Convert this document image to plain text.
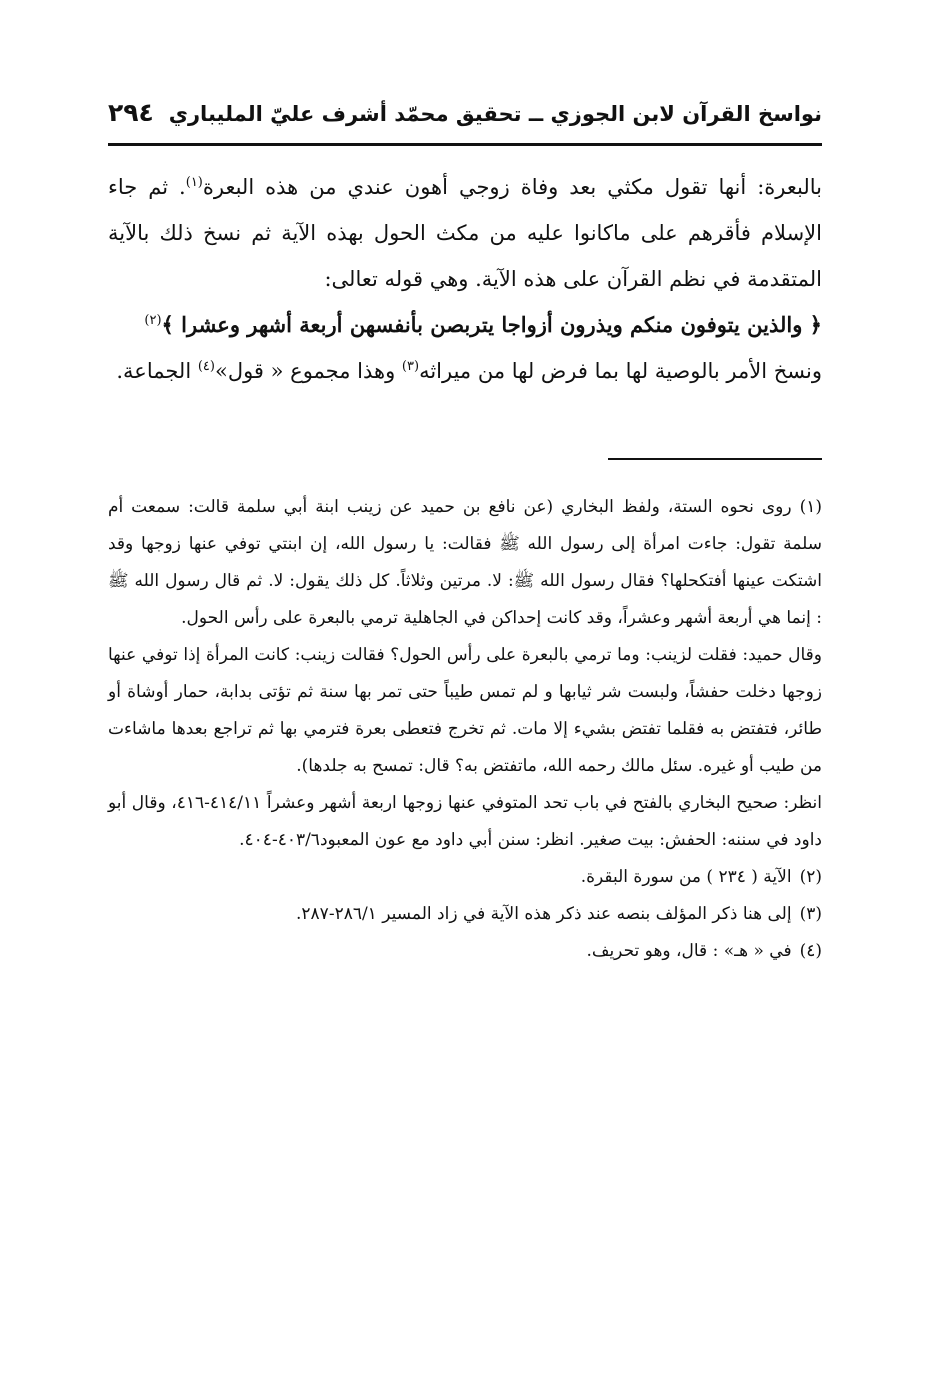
نواسخ القرآن لابن الجوزي ــ تحقيق محمّد أشرف عليّ المليباري
٢٩٤

بالبعرة: أنها تقول مكثي بعد وفاة زوجي أهون عندي من هذه البعرة$^{(١)}$. ثم جاء الإسلام فأقرهم على ماكانوا عليه من مكث الحول بهذه الآية ثم نسخ ذلك بالآية المتقدمة في نظم القرآن على هذه الآية. وهي قوله تعالى:

﴿ والذين يتوفون منكم ويذرون أزواجا يتربصن بأنفسهن أربعة أشهر وعشرا ﴾$^{(٢)}$

ونسخ الأمر بالوصية لها بما فرض لها من ميراثه$^{(٣)}$ وهذا مجموع « قول»$^{(٤)}$ الجماعة.

(١)روى نحوه الستة، ولفظ البخاري (عن نافع بن حميد عن زينب ابنة أبي سلمة قالت: سمعت أم سلمة تقول: جاءت امرأة إلى رسول الله ﷺ فقالت: يا رسول الله، إن ابنتي توفي عنها زوجها وقد اشتكت عينها أفتكحلها؟ فقال رسول الله ﷺ: لا. مرتين وثلاثاً. كل ذلك يقول: لا. ثم قال رسول الله ﷺ : إنما هي أربعة أشهر وعشراً، وقد كانت إحداكن في الجاهلية ترمي بالبعرة على رأس الحول.

وقال حميد: فقلت لزينب: وما ترمي بالبعرة على رأس الحول؟ فقالت زينب: كانت المرأة إذا توفي عنها زوجها دخلت حفشاً، ولبست شر ثيابها و لم تمس طيباً حتى تمر بها سنة ثم تؤتى بدابة، حمار أوشاة أو طائر، فتفتض به فقلما تفتض بشيء إلا مات. ثم تخرج فتعطى بعرة فترمي بها ثم تراجع بعدها ماشاءت من طيب أو غيره. سئل مالك رحمه الله، ماتفتض به؟ قال: تمسح به جلدها).

انظر: صحيح البخاري بالفتح في باب تحد المتوفي عنها زوجها اربعة أشهر وعشراً ٤١٤/١١-٤١٦، وقال أبو داود في سننه: الحفش: بيت صغير. انظر: سنن أبي داود مع عون المعبود٤٠٣/٦-٤٠٤.

(٢)الآية ( ٢٣٤ ) من سورة البقرة.

(٣)إلى هنا ذكر المؤلف بنصه عند ذكر هذه الآية في زاد المسير ٢٨٦/١-٢٨٧.

(٤)في « هـ» : قال، وهو تحريف.
